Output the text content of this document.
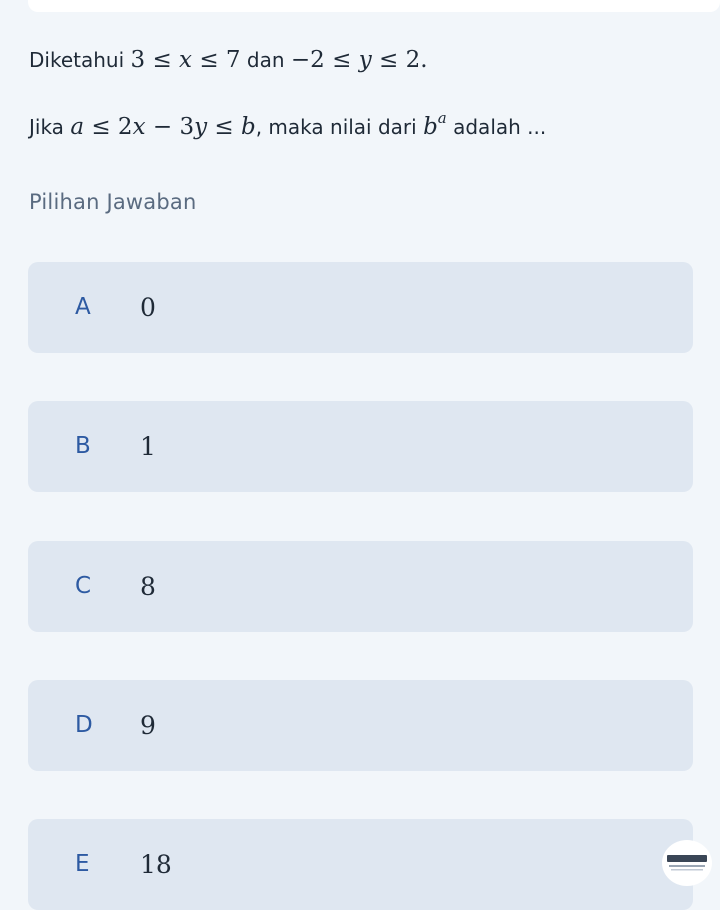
Diketahui 3 ≤ x ≤ 7 dan −2 ≤ y ≤ 2.
Jika a ≤ 2x − 3y ≤ b, maka nilai dari $b^a$ adalah ...
Pilihan Jawaban
A 0
B 1
C 8
D 9
E 18
